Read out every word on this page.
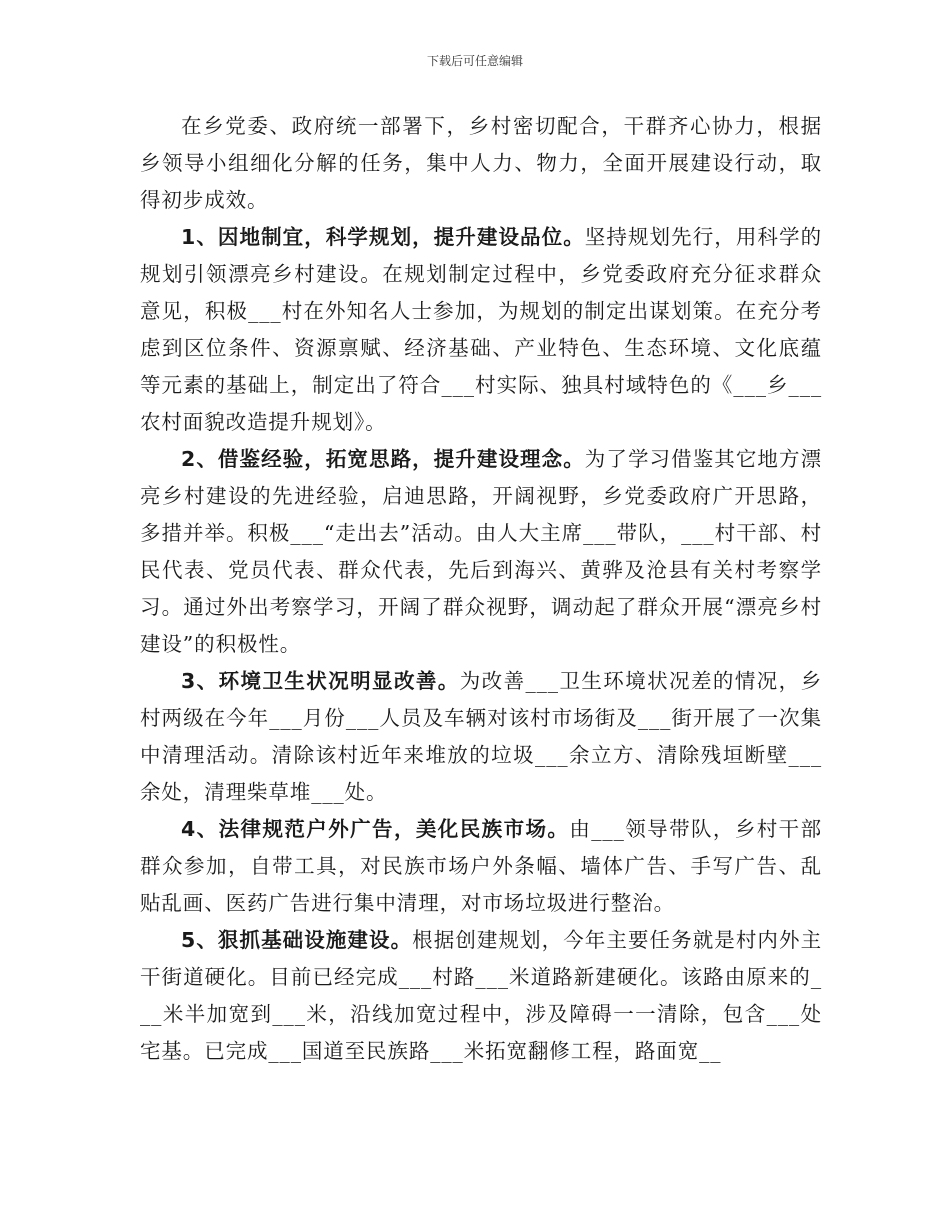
下载后可任意编辑

在乡党委、政府统一部署下，乡村密切配合，干群齐心协力，根据乡领导小组细化分解的任务，集中人力、物力，全面开展建设行动，取得初步成效。

1、因地制宜，科学规划，提升建设品位。坚持规划先行，用科学的规划引领漂亮乡村建设。在规划制定过程中，乡党委政府充分征求群众意见，积极___村在外知名人士参加，为规划的制定出谋划策。在充分考虑到区位条件、资源禀赋、经济基础、产业特色、生态环境、文化底蕴等元素的基础上，制定出了符合___村实际、独具村域特色的《___乡___农村面貌改造提升规划》。

2、借鉴经验，拓宽思路，提升建设理念。为了学习借鉴其它地方漂亮乡村建设的先进经验，启迪思路，开阔视野，乡党委政府广开思路，多措并举。积极___“走出去”活动。由人大主席___带队，___村干部、村民代表、党员代表、群众代表，先后到海兴、黄骅及沧县有关村考察学习。通过外出考察学习，开阔了群众视野，调动起了群众开展“漂亮乡村建设”的积极性。

3、环境卫生状况明显改善。为改善___卫生环境状况差的情况，乡村两级在今年___月份___人员及车辆对该村市场街及___街开展了一次集中清理活动。清除该村近年来堆放的垃圾___余立方、清除残垣断壁___余处，清理柴草堆___处。

4、法律规范户外广告，美化民族市场。由___领导带队，乡村干部群众参加，自带工具，对民族市场户外条幅、墙体广告、手写广告、乱贴乱画、医药广告进行集中清理，对市场垃圾进行整治。

5、狠抓基础设施建设。根据创建规划，今年主要任务就是村内外主干街道硬化。目前已经完成___村路___米道路新建硬化。该路由原来的___米半加宽到___米，沿线加宽过程中，涉及障碍一一清除，包含___处宅基。已完成___国道至民族路___米拓宽翻修工程，路面宽__
